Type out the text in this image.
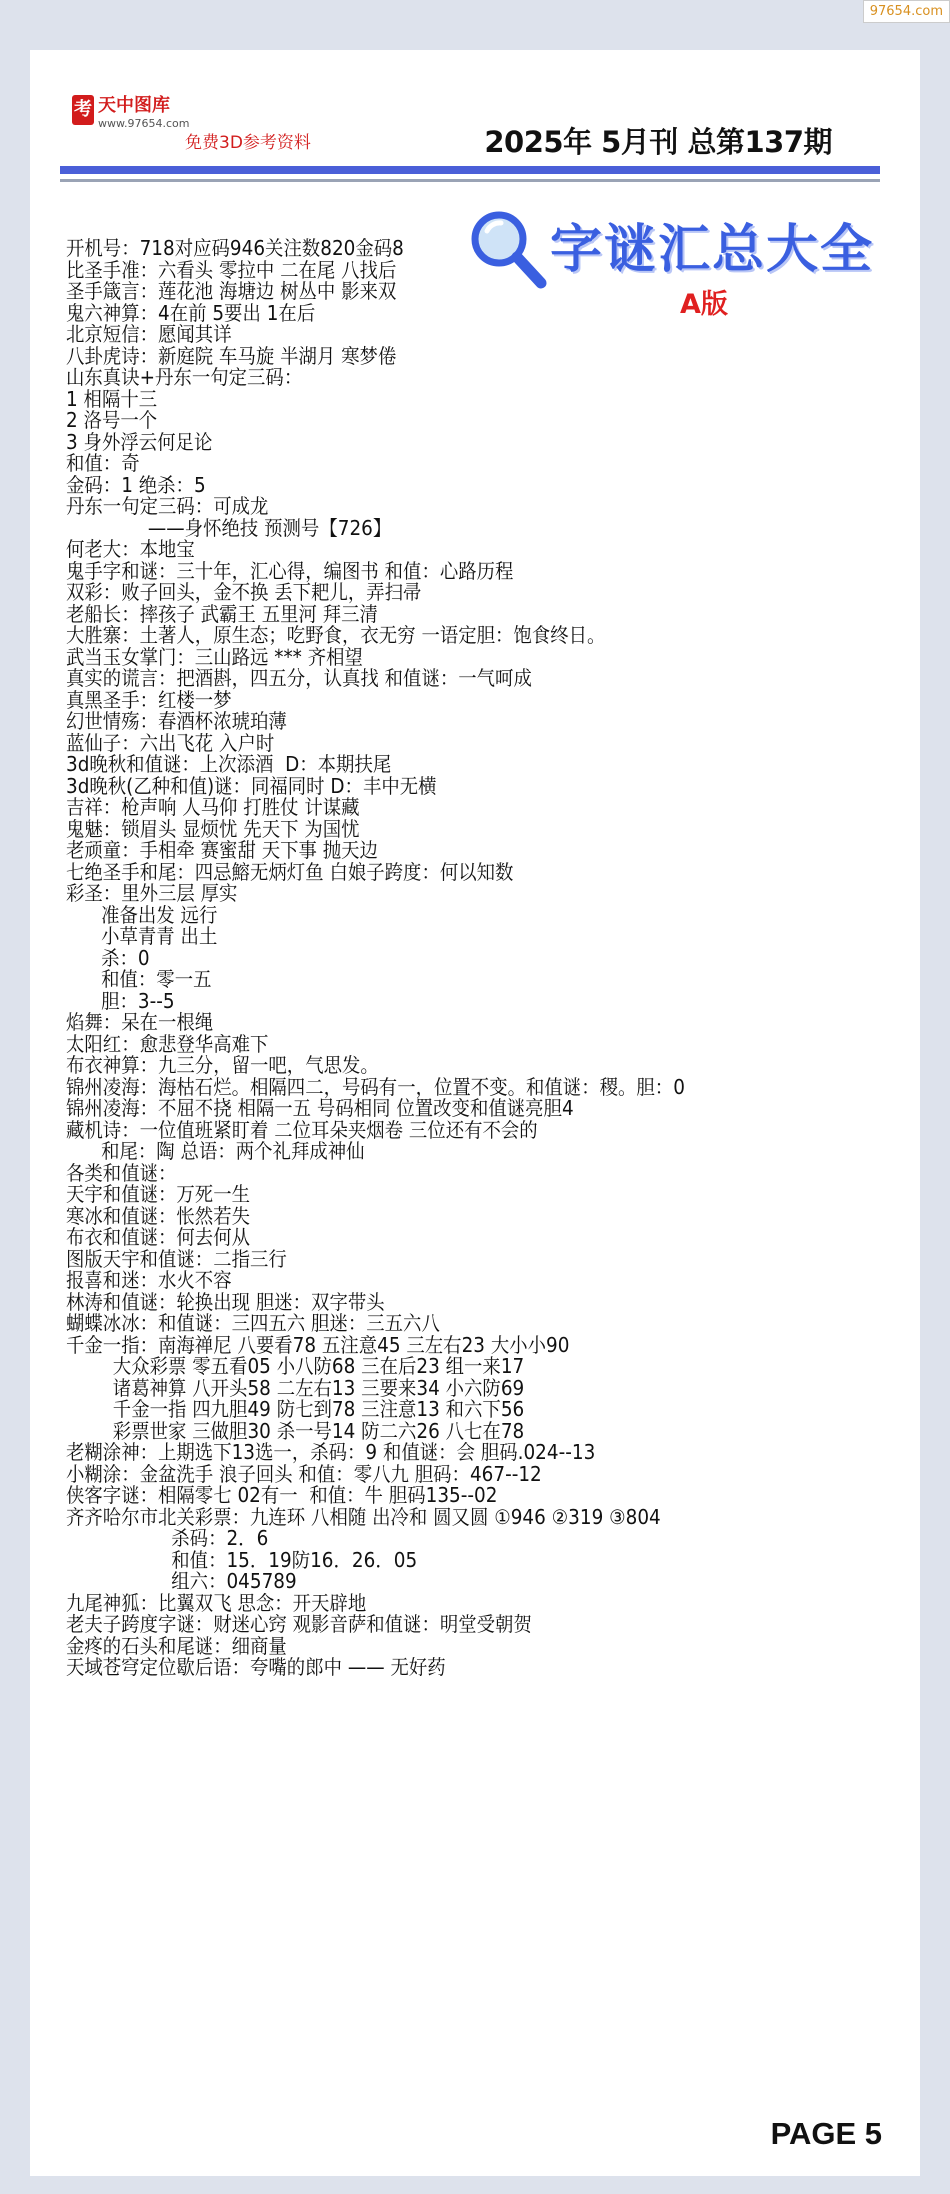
97654.com
考 天中图库
www.97654.com
免费3D参考资料	2025年 5月刊 总第137期
字谜汇总大全
A版
开机号：718对应码946关注数820金码8
比圣手准：六看头 零拉中 二在尾 八找后
圣手箴言：莲花池 海塘边 树丛中 影来双
鬼六神算：4在前 5要出 1在后
北京短信：愿闻其详
八卦虎诗：新庭院 车马旋 半湖月 寒梦倦
山东真诀+丹东一句定三码：
1 相隔十三
2 洛号一个
3 身外浮云何足论
和值：奇
金码：1 绝杀：5
丹东一句定三码：可成龙
——身怀绝技 预测号【726】
何老大：本地宝
鬼手字和谜：三十年，汇心得，编图书 和值：心路历程
双彩：败子回头，金不换 丢下耙儿，弄扫帚
老船长：摔孩子 武霸王 五里河 拜三清
大胜寨：土著人，原生态；吃野食，衣无穷 一语定胆：饱食终日。
武当玉女掌门：三山路远 *** 齐相望
真实的谎言：把酒斟，四五分，认真找 和值谜：一气呵成
真黑圣手：红楼一梦
幻世情殇：春酒杯浓琥珀薄
蓝仙子：六出飞花 入户时
3d晚秋和值谜：上次添酒  D：本期扶尾
3d晚秋(乙种和值)谜：同福同时 D：丰中无横
吉祥：枪声响 人马仰 打胜仗 计谋藏
鬼魅：锁眉头 显烦忧 先天下 为国忧
老顽童：手相牵 赛蜜甜 天下事 抛天边
七绝圣手和尾：四忌鰫无炳灯鱼 白娘子跨度：何以知数
彩圣：里外三层 厚实
准备出发 远行
小草青青 出土
杀：0
和值：零一五
胆：3--5
焰舞：呆在一根绳
太阳红：愈悲登华高难下
布衣神算：九三分，留一吧，气思发。
锦州凌海：海枯石烂。相隔四二，号码有一，位置不变。和值谜：稷。胆：0
锦州凌海：不屈不挠 相隔一五 号码相同 位置改变和值谜亮胆4
藏机诗：一位值班紧盯着 二位耳朵夹烟卷 三位还有不会的
和尾：陶 总语：两个礼拜成神仙
各类和值谜：
天宇和值谜：万死一生
寒冰和值谜：怅然若失
布衣和值谜：何去何从
图版天宇和值谜：二指三行
报喜和迷：水火不容
林涛和值谜：轮换出现 胆迷：双字带头
蝴蝶冰冰：和值谜：三四五六 胆迷：三五六八
千金一指：南海禅尼 八要看78 五注意45 三左右23 大小小90
大众彩票 零五看05 小八防68 三在后23 组一来17
诸葛神算 八开头58 二左右13 三要来34 小六防69
千金一指 四九胆49 防七到78 三注意13 和六下56
彩票世家 三做胆30 杀一号14 防二六26 八七在78
老糊涂神：上期选下13选一，杀码：9 和值谜：会 胆码.024--13
小糊涂：金盆洗手 浪子回头 和值：零八九 胆码：467--12
侠客字谜：相隔零七 02有一  和值：牛 胆码135--02
齐齐哈尔市北关彩票：九连环 八相随 出冷和 圆又圆 ①946 ②319 ③804
杀码：2．6
和值：15．19防16．26．05
组六：045789
九尾神狐：比翼双飞 思念：开天辟地
老夫子跨度字谜：财迷心窍 观影音萨和值谜：明堂受朝贺
金疼的石头和尾谜：细商量
天域苍穹定位歇后语：夸嘴的郎中 —— 无好药
PAGE 5
